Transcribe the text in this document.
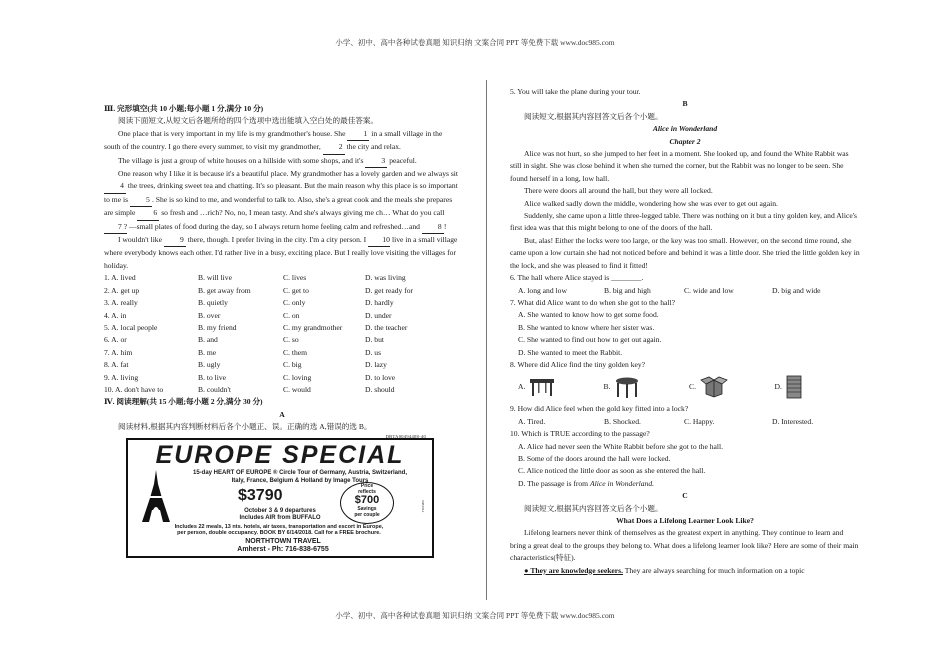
小学、初中、高中各种试卷真题 知识归纳 文案合同 PPT 等免费下载 www.doc985.com

Ⅲ. 完形填空(共 10 小题;每小题 1 分,满分 10 分)

阅读下面短文,从短文后各题所给的四个选项中选出能填入空白处的最佳答案。

One place that is very important in my life is my grandmother's house. She 1 in a small village in the south of the country. I go there every summer, to visit my grandmother, 2 the city and relax.

The village is just a group of white houses on a hillside with some shops, and it's 3 peaceful.

One reason why I like it is because it's a beautiful place. My grandmother has a lovely garden and we always sit 4 the trees, drinking sweet tea and chatting. It's so pleasant. But the main reason why this place is so important to me is 5 . She is so kind to me, and wonderful to talk to. Also, she's a great cook and the meals she prepares are simple 6 so fresh and …rich? No, no, I mean tasty. And she's always giving me ch… What do you call 7 ? —small plates of food during the day, so I always return home feeling calm and refreshed…and 8 !

I wouldn't like 9 there, though. I prefer living in the city. I'm a city person. I 10 live in a small village where everybody knows each other. I'd rather live in a busy, exciting place. But I really love visiting the villages for holiday.

1. A. lived	B. will live	C. lives	D. was living
2. A. get up	B. get away from	C. get to	D. get ready for
3. A. really	B. quietly	C. only	D. hardly
4. A. in	B. over	C. on	D. under
5. A. local people	B. my friend	C. my grandmother	D. the teacher
6. A. or	B. and	C. so	D. but
7. A. him	B. me	C. them	D. us
8. A. fat	B. ugly	C. big	D. lazy
9. A. living	B. to live	C. loving	D. to love
10. A. don't have to	B. couldn't	C. would	D. should

Ⅳ. 阅读理解(共 15 小题;每小题 2 分,满分 30 分)

A

阅读材料,根据其内容判断材料后各个小题正、误。正确的选 A,错误的选 B。

DBTA00494408-40
EUROPE SPECIAL
15-day HEART OF EUROPE ® Circle Tour of Germany, Austria, Switzerland,
Italy, France, Belgium & Holland by Image Tours
$3790
October 3 & 9 departures
Includes AIR from BUFFALO
Price
reflects
$700
Savings
per couple
Includes 22 meals, 13 nts. hotels, air taxes, transportation and escort in Europe,
per person, double occupancy. BOOK BY 6/14/2018. Call for a FREE brochure.
NORTHTOWN TRAVEL
Amherst - Ph: 716-838-6755
0082014

5. You will take the plane during your tour.

B

阅读短文,根据其内容回答文后各个小题。

Alice in Wonderland

Chapter 2

Alice was not hurt, so she jumped to her feet in a moment. She looked up, and found the White Rabbit was still in sight. She was close behind it when she turned the corner, but the Rabbit was no longer to be seen. She found herself in a long, low hall.

There were doors all around the hall, but they were all locked.

Alice walked sadly down the middle, wondering how she was ever to get out again.

Suddenly, she came upon a little three-legged table. There was nothing on it but a tiny golden key, and Alice's first idea was that this might belong to one of the doors of the hall.

But, alas! Either the locks were too large, or the key was too small. However, on the second time round, she came upon a low curtain she had not noticed before and behind it was a little door. She tried the little golden key in the lock, and she was pleased to find it fitted!

6. The hall where Alice stayed is ________.

A. long and low	B. big and high	C. wide and low	D. big and wide

7. What did Alice want to do when she got to the hall?

A. She wanted to know how to get some food.

B. She wanted to know where her sister was.

C. She wanted to find out how to get out again.

D. She wanted to meet the Rabbit.

8. Where did Alice find the tiny golden key?

A.	B.	C.	D.

9. How did Alice feel when the gold key fitted into a lock?

A. Tired.	B. Shocked.	C. Happy.	D. Interested.

10. Which is TRUE according to the passage?

A. Alice had never seen the White Rabbit before she got to the hall.

B. Some of the doors around the hall were locked.

C. Alice noticed the little door as soon as she entered the hall.

D. The passage is from Alice in Wonderland.

C

阅读短文,根据其内容回答文后各个小题。

What Does a Lifelong Learner Look Like?

Lifelong learners never think of themselves as the greatest expert in anything. They continue to learn and bring a great deal to the groups they belong to. What does a lifelong learner look like? Here are some of their main characteristics(特征).

● They are knowledge seekers. They are always searching for much information on a topic

小学、初中、高中各种试卷真题 知识归纳 文案合同 PPT 等免费下载 www.doc985.com
